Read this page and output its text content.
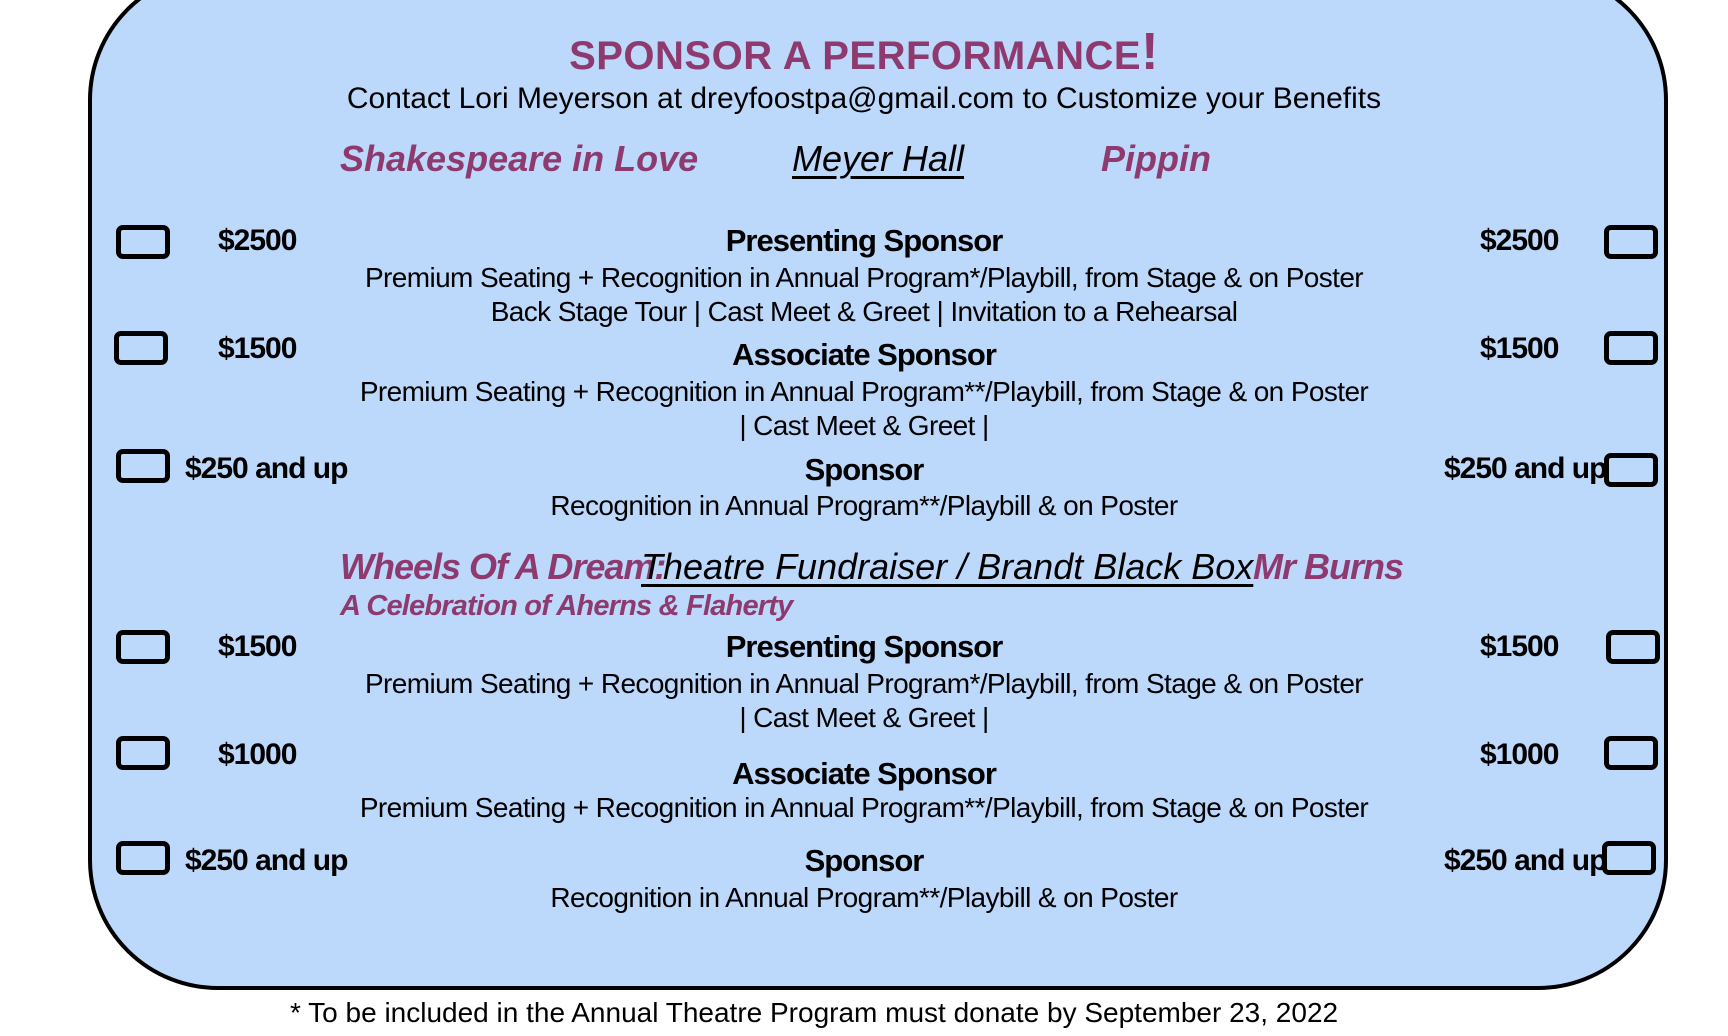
SPONSOR A PERFORMANCE!
Contact Lori Meyerson at dreyfoostpa@gmail.com to Customize your Benefits
Shakespeare in Love	Meyer Hall	Pippin
$2500	Presenting Sponsor
Premium Seating + Recognition in Annual Program*/Playbill, from Stage & on Poster
Back Stage Tour | Cast Meet & Greet | Invitation to a Rehearsal
$2500
$1500	Associate Sponsor
Premium Seating + Recognition in Annual Program**/Playbill, from Stage & on Poster
| Cast Meet & Greet |
$1500
$250 and up	Sponsor
Recognition in Annual Program**/Playbill & on Poster
$250 and up
Wheels Of A Dream:
Theatre Fundraiser / Brandt Black Box Mr Burns
A Celebration of Aherns & Flaherty
$1500	Presenting Sponsor
Premium Seating + Recognition in Annual Program*/Playbill, from Stage & on Poster
| Cast Meet & Greet |
$1500
$1000
Associate Sponsor
Premium Seating + Recognition in Annual Program**/Playbill, from Stage & on Poster
$1000
$250 and up	Sponsor
Recognition in Annual Program**/Playbill & on Poster
$250 and up
* To be included in the Annual Theatre Program must donate by September 23, 2022
